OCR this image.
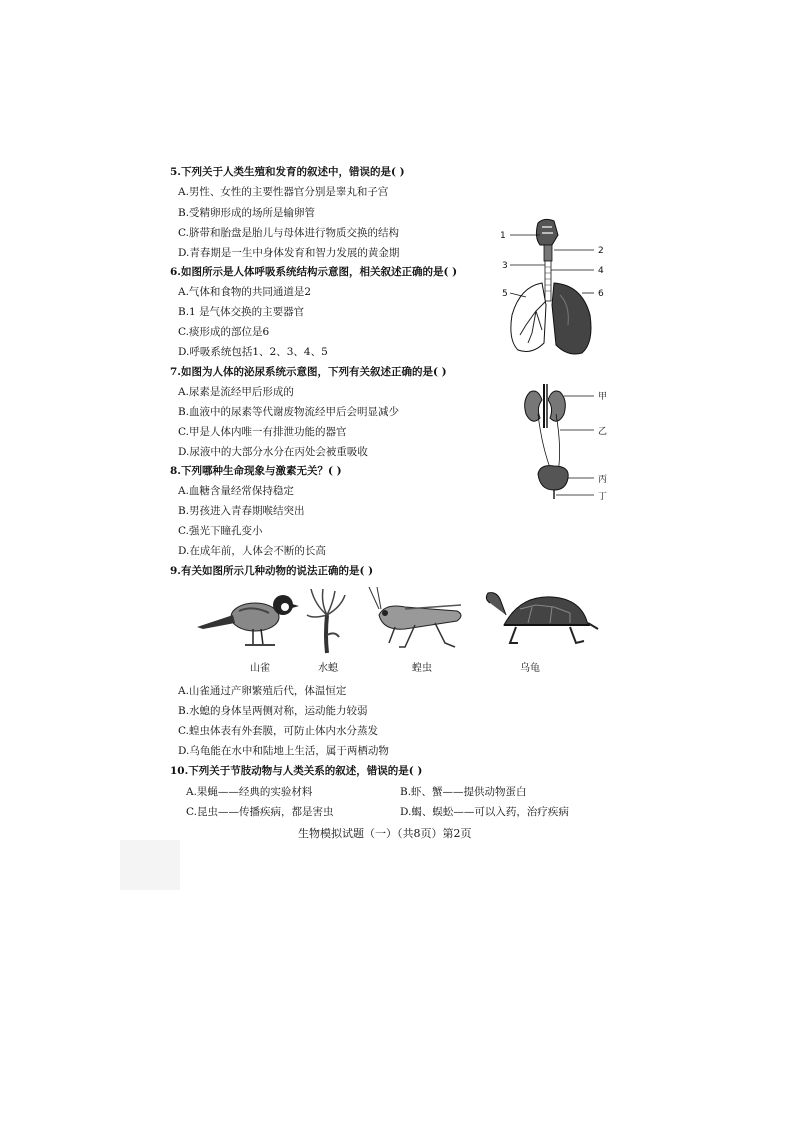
5.下列关于人类生殖和发育的叙述中，错误的是( )
A.男性、女性的主要性器官分别是睾丸和子宫
B.受精卵形成的场所是输卵管
C.脐带和胎盘是胎儿与母体进行物质交换的结构
D.青春期是一生中身体发育和智力发展的黄金期
6.如图所示是人体呼吸系统结构示意图，相关叙述正确的是( )
A.气体和食物的共同通道是2
B.1 是气体交换的主要器官
C.痰形成的部位是6
D.呼吸系统包括1、2、3、4、5
1
2
3	4
5	6
7.如图为人体的泌尿系统示意图，下列有关叙述正确的是( )
A.尿素是流经甲后形成的
B.血液中的尿素等代谢废物流经甲后会明显减少
C.甲是人体内唯一有排泄功能的器官
D.尿液中的大部分水分在丙处会被重吸收
甲
乙
丙
丁
8.下列哪种生命现象与激素无关？( )
A.血糖含量经常保持稳定
B.男孩进入青春期喉结突出
C.强光下瞳孔变小
D.在成年前，人体会不断的长高
9.有关如图所示几种动物的说法正确的是( )
山雀	水螅	蝗虫	乌龟
A.山雀通过产卵繁殖后代，体温恒定
B.水螅的身体呈两侧对称，运动能力较弱
C.蝗虫体表有外套膜，可防止体内水分蒸发
D.乌龟能在水中和陆地上生活，属于两栖动物
10.下列关于节肢动物与人类关系的叙述，错误的是( )
A.果蝇——经典的实验材料	B.虾、蟹——提供动物蛋白
C.昆虫——传播疾病，都是害虫	D.蝎、蜈蚣——可以入药，治疗疾病
生物模拟试题（一）（共8页）第2页
